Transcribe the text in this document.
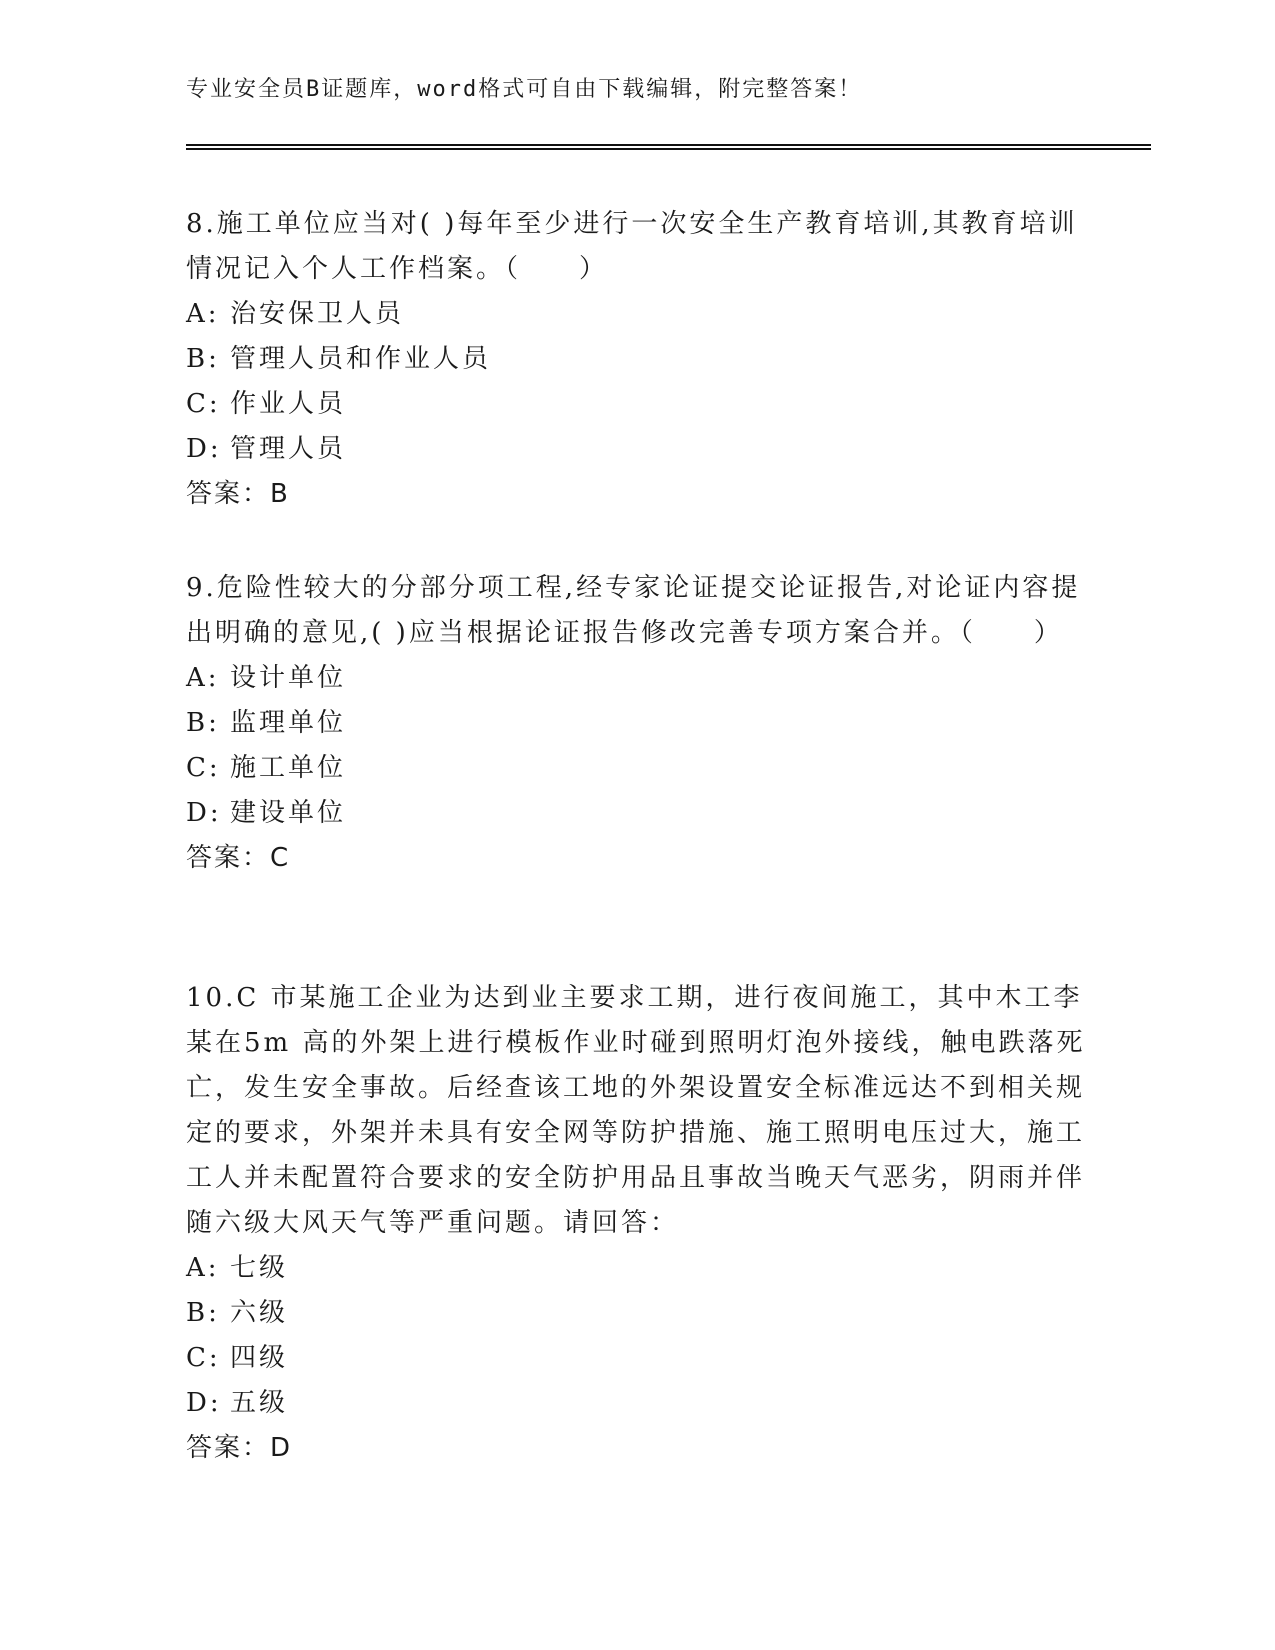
专业安全员B证题库，word格式可自由下载编辑，附完整答案！

8.施工单位应当对( )每年至少进行一次安全生产教育培训,其教育培训情况记入个人工作档案。（　　）

A: 治安保卫人员
B: 管理人员和作业人员
C: 作业人员
D: 管理人员
答案：B

9.危险性较大的分部分项工程,经专家论证提交论证报告,对论证内容提出明确的意见,( )应当根据论证报告修改完善专项方案合并。（　　）

A: 设计单位
B: 监理单位
C: 施工单位
D: 建设单位
答案：C

10.C 市某施工企业为达到业主要求工期，进行夜间施工，其中木工李某在5m 高的外架上进行模板作业时碰到照明灯泡外接线，触电跌落死亡，发生安全事故。后经查该工地的外架设置安全标准远达不到相关规定的要求，外架并未具有安全网等防护措施、施工照明电压过大，施工工人并未配置符合要求的安全防护用品且事故当晚天气恶劣，阴雨并伴随六级大风天气等严重问题。请回答：

A: 七级
B: 六级
C: 四级
D: 五级
答案：D
